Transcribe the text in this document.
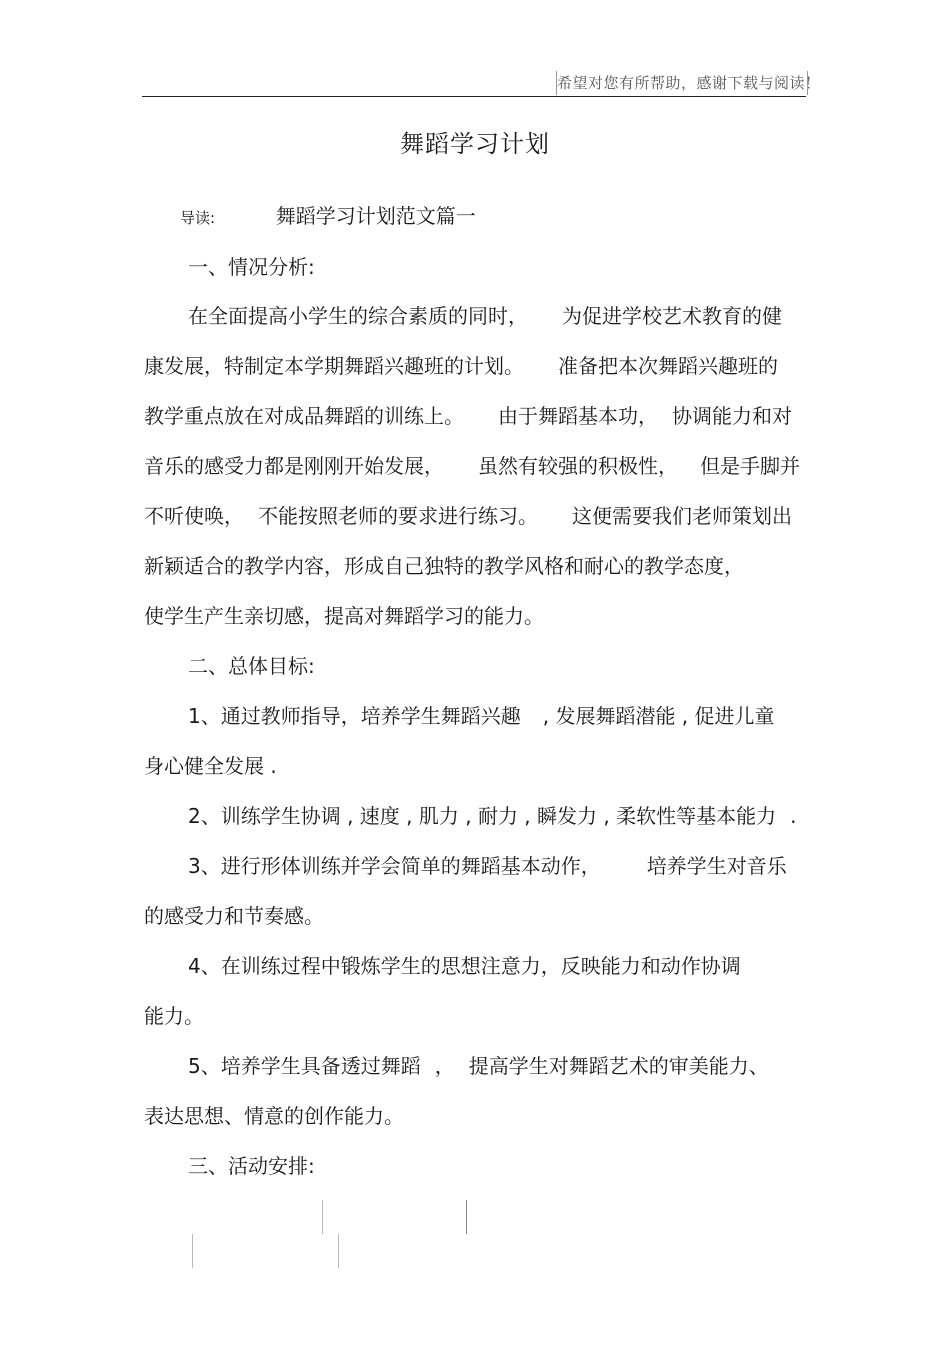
希望对您有所帮助，感谢下载与阅读！
舞蹈学习计划
导读:	舞蹈学习计划范文篇一
一、情况分析:
在全面提高小学生的综合素质的同时， 为促进学校艺术教育的健
康发展，特制定本学期舞蹈兴趣班的计划。 准备把本次舞蹈兴趣班的
教学重点放在对成品舞蹈的训练上。 由于舞蹈基本功， 协调能力和对
音乐的感受力都是刚刚开始发展， 虽然有较强的积极性， 但是手脚并
不听使唤， 不能按照老师的要求进行练习。 这便需要我们老师策划出
新颖适合的教学内容，形成自己独特的教学风格和耐心的教学态度，
使学生产生亲切感，提高对舞蹈学习的能力。
二、总体目标:
1、通过教师指导，培养学生舞蹈兴趣 , 发展舞蹈潜能 , 促进儿童
身心健全发展 .
2、训练学生协调 , 速度 , 肌力 , 耐力 , 瞬发力 , 柔软性等基本能力 .
3、进行形体训练并学会简单的舞蹈基本动作， 培养学生对音乐
的感受力和节奏感。
4、在训练过程中锻炼学生的思想注意力，反映能力和动作协调
能力。
5、培养学生具备透过舞蹈 ， 提高学生对舞蹈艺术的审美能力、
表达思想、情意的创作能力。
三、活动安排:
